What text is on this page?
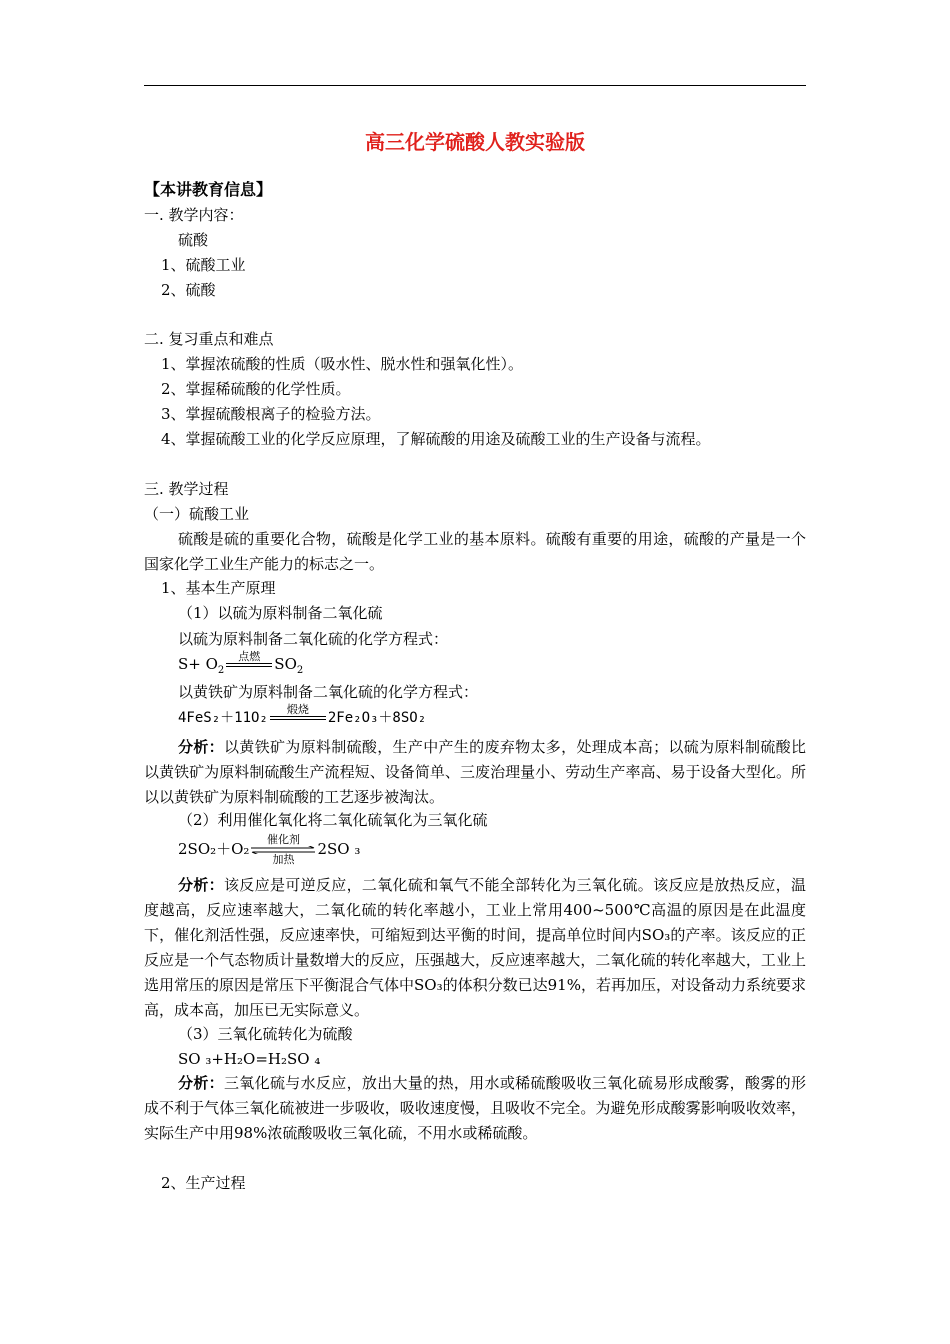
高三化学硫酸人教实验版
【本讲教育信息】
一. 教学内容：
硫酸
1、硫酸工业
2、硫酸
二. 复习重点和难点
1、掌握浓硫酸的性质（吸水性、脱水性和强氧化性）。
2、掌握稀硫酸的化学性质。
3、掌握硫酸根离子的检验方法。
4、掌握硫酸工业的化学反应原理，了解硫酸的用途及硫酸工业的生产设备与流程。
三. 教学过程
（一）硫酸工业
硫酸是硫的重要化合物，硫酸是化学工业的基本原料。硫酸有重要的用途，硫酸的产量是一个国家化学工业生产能力的标志之一。
1、基本生产原理
（1）以硫为原料制备二氧化硫
以硫为原料制备二氧化硫的化学方程式：
$S+ O_2$
点燃
$SO_2$
以黄铁矿为原料制备二氧化硫的化学方程式：
4FeS₂＋11O₂
煅烧

2Fe₂O₃＋8SO₂
分析：以黄铁矿为原料制硫酸，生产中产生的废弃物太多，处理成本高；以硫为原料制硫酸比以黄铁矿为原料制硫酸生产流程短、设备简单、三废治理量小、劳动生产率高、易于设备大型化。所以以黄铁矿为原料制硫酸的工艺逐步被淘汰。
（2）利用催化氧化将二氧化硫氧化为三氧化硫
2SO₂＋O₂
催化剂
加热
2SO ₃
分析：该反应是可逆反应，二氧化硫和氧气不能全部转化为三氧化硫。该反应是放热反应，温度越高，反应速率越大，二氧化硫的转化率越小，工业上常用400~500℃高温的原因是在此温度下，催化剂活性强，反应速率快，可缩短到达平衡的时间，提高单位时间内SO₃的产率。该反应的正反应是一个气态物质计量数增大的反应，压强越大，反应速率越大，二氧化硫的转化率越大，工业上选用常压的原因是常压下平衡混合气体中SO₃的体积分数已达91%，若再加压，对设备动力系统要求高，成本高，加压已无实际意义。
（3）三氧化硫转化为硫酸
SO ₃+H₂O=H₂SO ₄
分析：三氧化硫与水反应，放出大量的热，用水或稀硫酸吸收三氧化硫易形成酸雾，酸雾的形成不利于气体三氧化硫被进一步吸收，吸收速度慢，且吸收不完全。为避免形成酸雾影响吸收效率，实际生产中用98%浓硫酸吸收三氧化硫，不用水或稀硫酸。
2、生产过程
